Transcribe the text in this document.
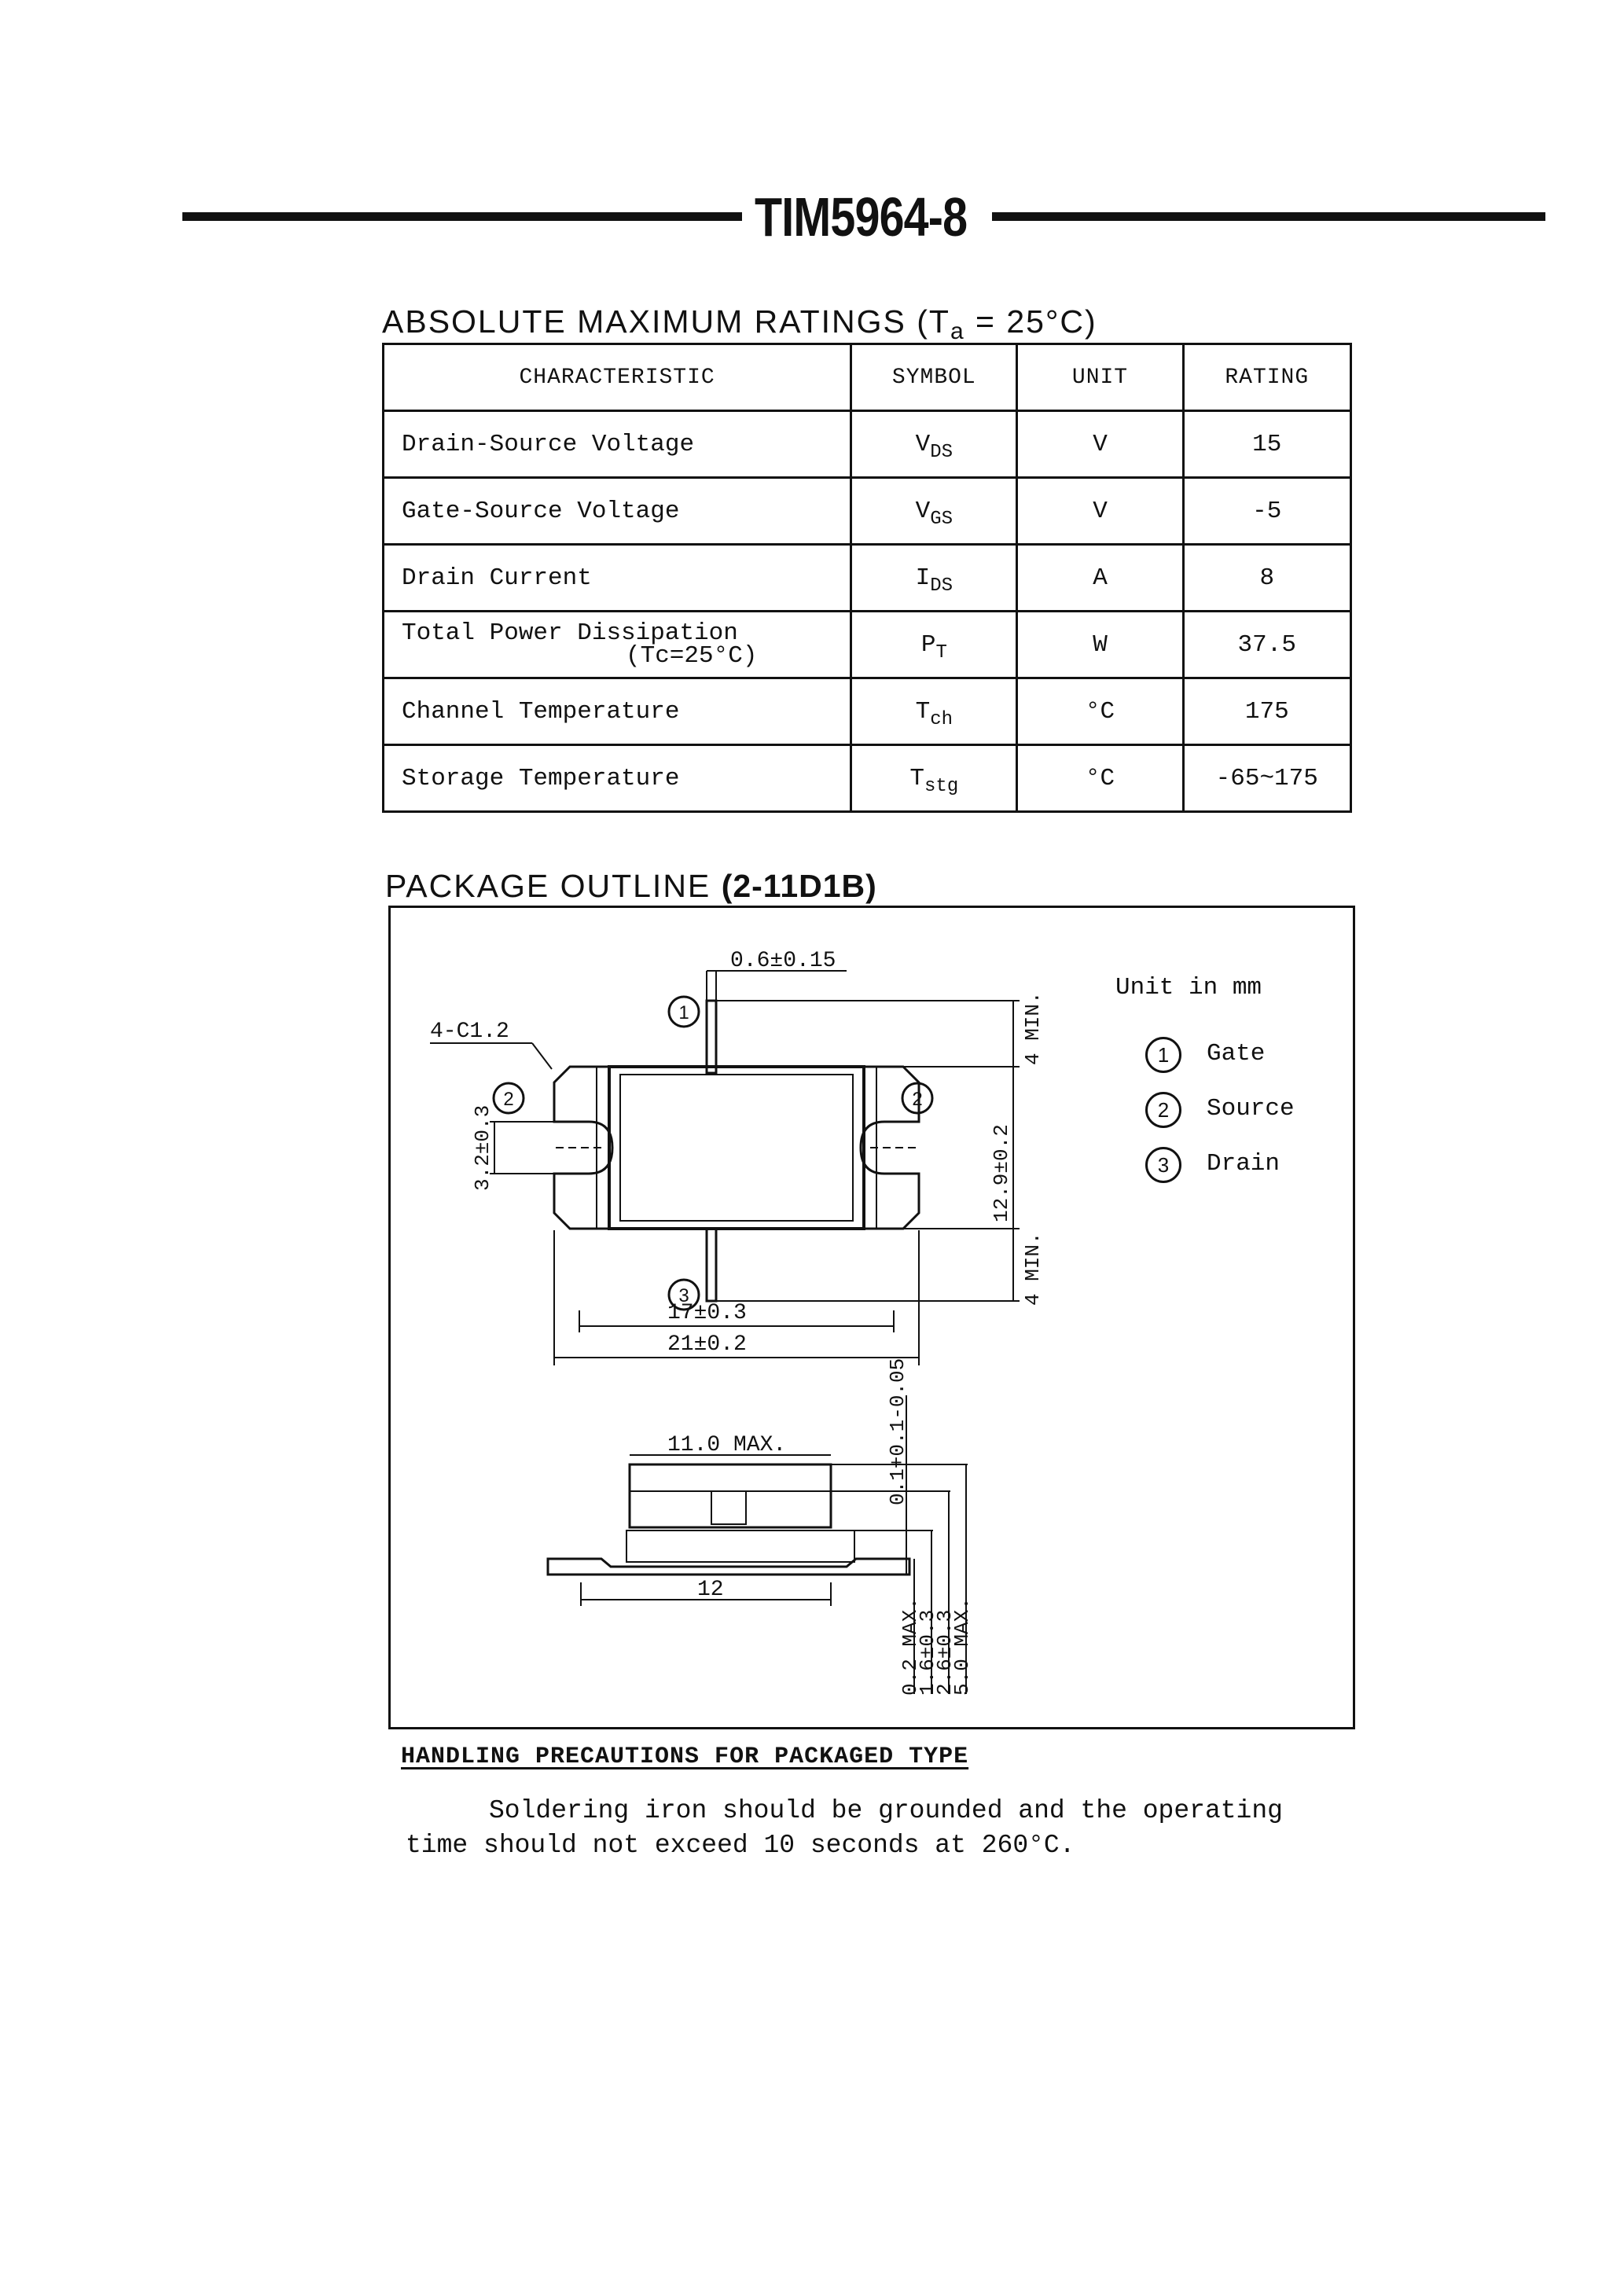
TIM5964-8
ABSOLUTE MAXIMUM RATINGS (Ta = 25°C)
CHARACTERISTIC	SYMBOL	UNIT	RATING
Drain-Source Voltage	$V_{DS}$	V	15
Gate-Source Voltage	$V_{GS}$	V	-5
Drain Current	$I_{DS}$	A	8
Total Power Dissipation
(Tc=25°C)	$P_T$	W	37.5
Channel Temperature	$T_{ch}$	°C	175
Storage Temperature	$T_{stg}$	°C	-65~175
PACKAGE OUTLINE (2-11D1B)
0.6±0.15
1
4-C1.2
2	2
3.2±0.3
3
4 MIN.
12.9±0.2
4 MIN.
17±0.3
21±0.2
11.0 MAX.
12
0.1+0.1-0.05
0.2 MAX.
1.6±0.3
2.6±0.3
5.0 MAX.
Unit in mm
1	Gate
2	Source
3	Drain
HANDLING PRECAUTIONS FOR PACKAGED TYPE
Soldering iron should be grounded and the operating
time should not exceed 10 seconds at 260°C.
